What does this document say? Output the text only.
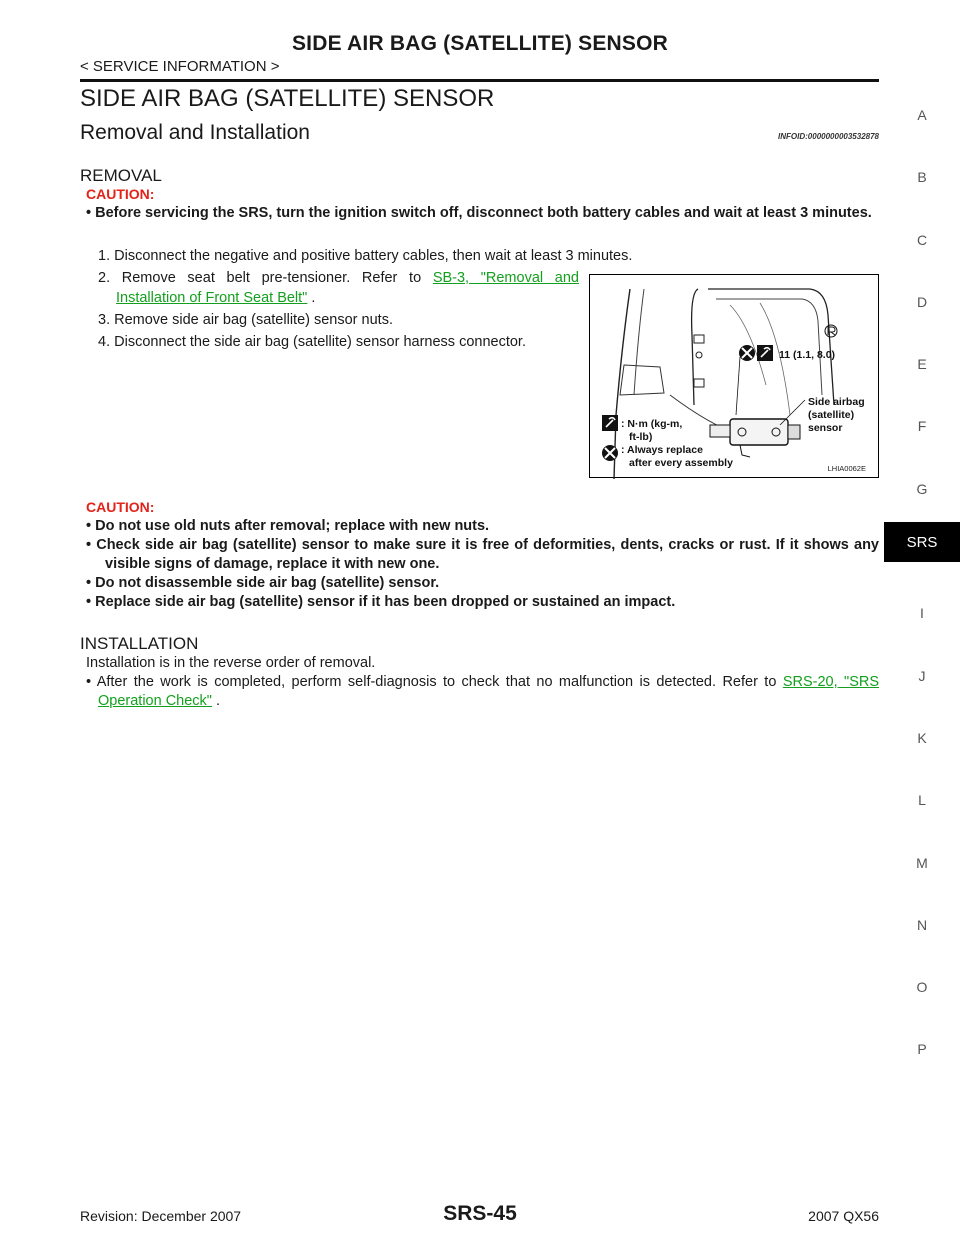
SIDE AIR BAG (SATELLITE) SENSOR
< SERVICE INFORMATION >
SIDE AIR BAG (SATELLITE) SENSOR
Removal and Installation	INFOID:0000000003532878
REMOVAL
CAUTION:
• Before servicing the SRS, turn the ignition switch off, disconnect both battery cables and wait at least 3 minutes.
1. Disconnect the negative and positive battery cables, then wait at least 3 minutes.
2. Remove seat belt pre-tensioner. Refer to SB-3, "Removal and Installation of Front Seat Belt" .
3. Remove side air bag (satellite) sensor nuts.
4. Disconnect the side air bag (satellite) sensor harness connector.
11 (1.1, 8.0)
Side airbag
(satellite)
sensor
: N·m (kg-m,
ft-lb)
: Always replace
after every assembly	LHIA0062E
CAUTION:
• Do not use old nuts after removal; replace with new nuts.
• Check side air bag (satellite) sensor to make sure it is free of deformities, dents, cracks or rust. If it shows any visible signs of damage, replace it with new one.
• Do not disassemble side air bag (satellite) sensor.
• Replace side air bag (satellite) sensor if it has been dropped or sustained an impact.
INSTALLATION
Installation is in the reverse order of removal.
• After the work is completed, perform self-diagnosis to check that no malfunction is detected. Refer to SRS-20, "SRS Operation Check" .
A
B
C
D
E
F
G
SRS
I
J
K
L
M
N
O
P
Revision: December 2007	SRS-45	2007 QX56
